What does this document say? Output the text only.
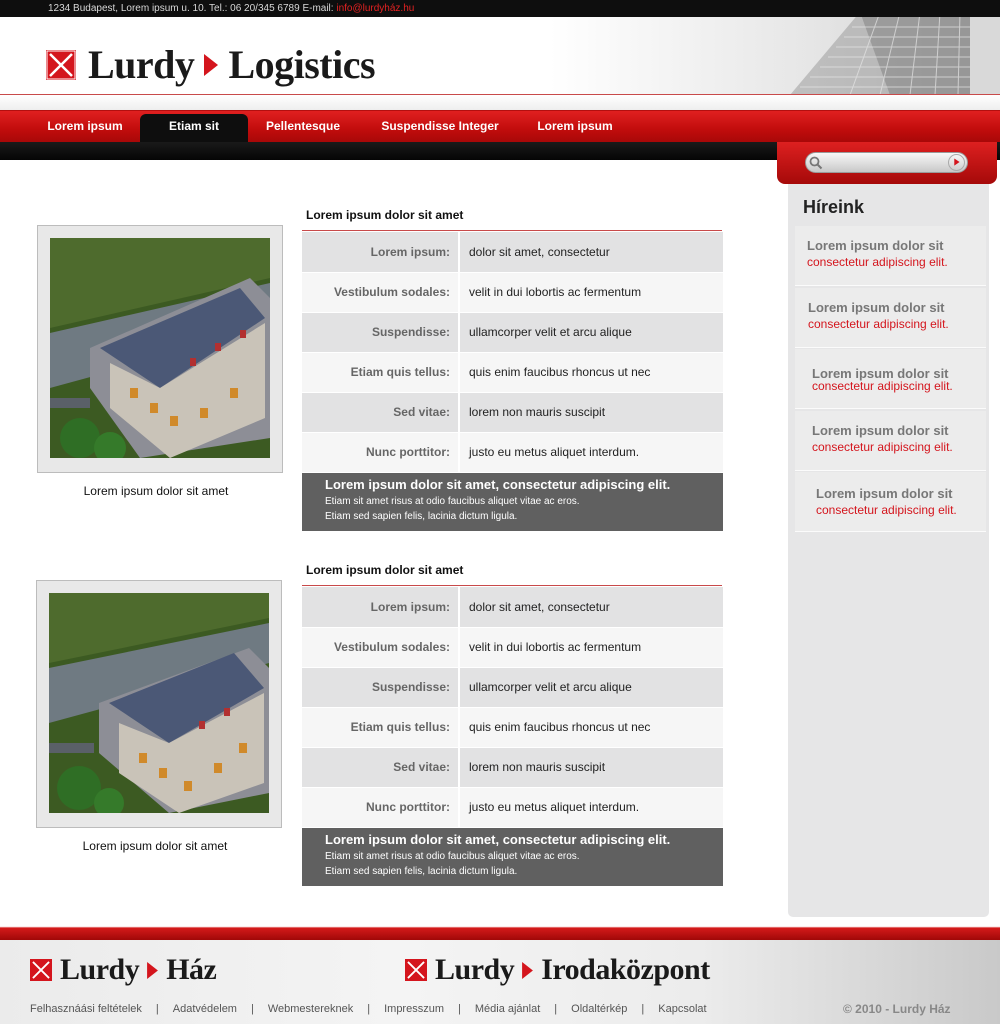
1234 Budapest, Lorem ipsum u. 10. Tel.: 06 20/345 6789 E-mail: info@lurdyház.hu
Lurdy Logistics
Lorem ipsum	Etiam sit	Pellentesque	Suspendisse Integer	Lorem ipsum
Híreink
Lorem ipsum dolor sit
consectetur adipiscing elit.
Lorem ipsum dolor sit
consectetur adipiscing elit.
Lorem ipsum dolor sit
consectetur adipiscing elit.
Lorem ipsum dolor sit
consectetur adipiscing elit.
Lorem ipsum dolor sit
consectetur adipiscing elit.
Lorem ipsum dolor sit amet
Lorem ipsum dolor sit amet
Lorem ipsum:	dolor sit amet, consectetur
Vestibulum sodales:	velit in dui lobortis ac fermentum
Suspendisse:	ullamcorper velit et arcu alique
Etiam quis tellus:	quis enim faucibus rhoncus ut nec
Sed vitae:	lorem non mauris suscipit
Nunc porttitor:	justo eu metus aliquet interdum.
Lorem ipsum dolor sit amet, consectetur adipiscing elit.
Etiam sit amet risus at odio faucibus aliquet vitae ac eros.
Etiam sed sapien felis, lacinia dictum ligula.
Lorem ipsum dolor sit amet
Lorem ipsum dolor sit amet
Lorem ipsum:	dolor sit amet, consectetur
Vestibulum sodales:	velit in dui lobortis ac fermentum
Suspendisse:	ullamcorper velit et arcu alique
Etiam quis tellus:	quis enim faucibus rhoncus ut nec
Sed vitae:	lorem non mauris suscipit
Nunc porttitor:	justo eu metus aliquet interdum.
Lorem ipsum dolor sit amet, consectetur adipiscing elit.
Etiam sit amet risus at odio faucibus aliquet vitae ac eros.
Etiam sed sapien felis, lacinia dictum ligula.
Lurdy Ház	Lurdy Irodaközpont
Felhasznáási feltételek | Adatvédelem | Webmestereknek | Impresszum | Média ajánlat | Oldaltérkép | Kapcsolat	© 2010 - Lurdy Ház
